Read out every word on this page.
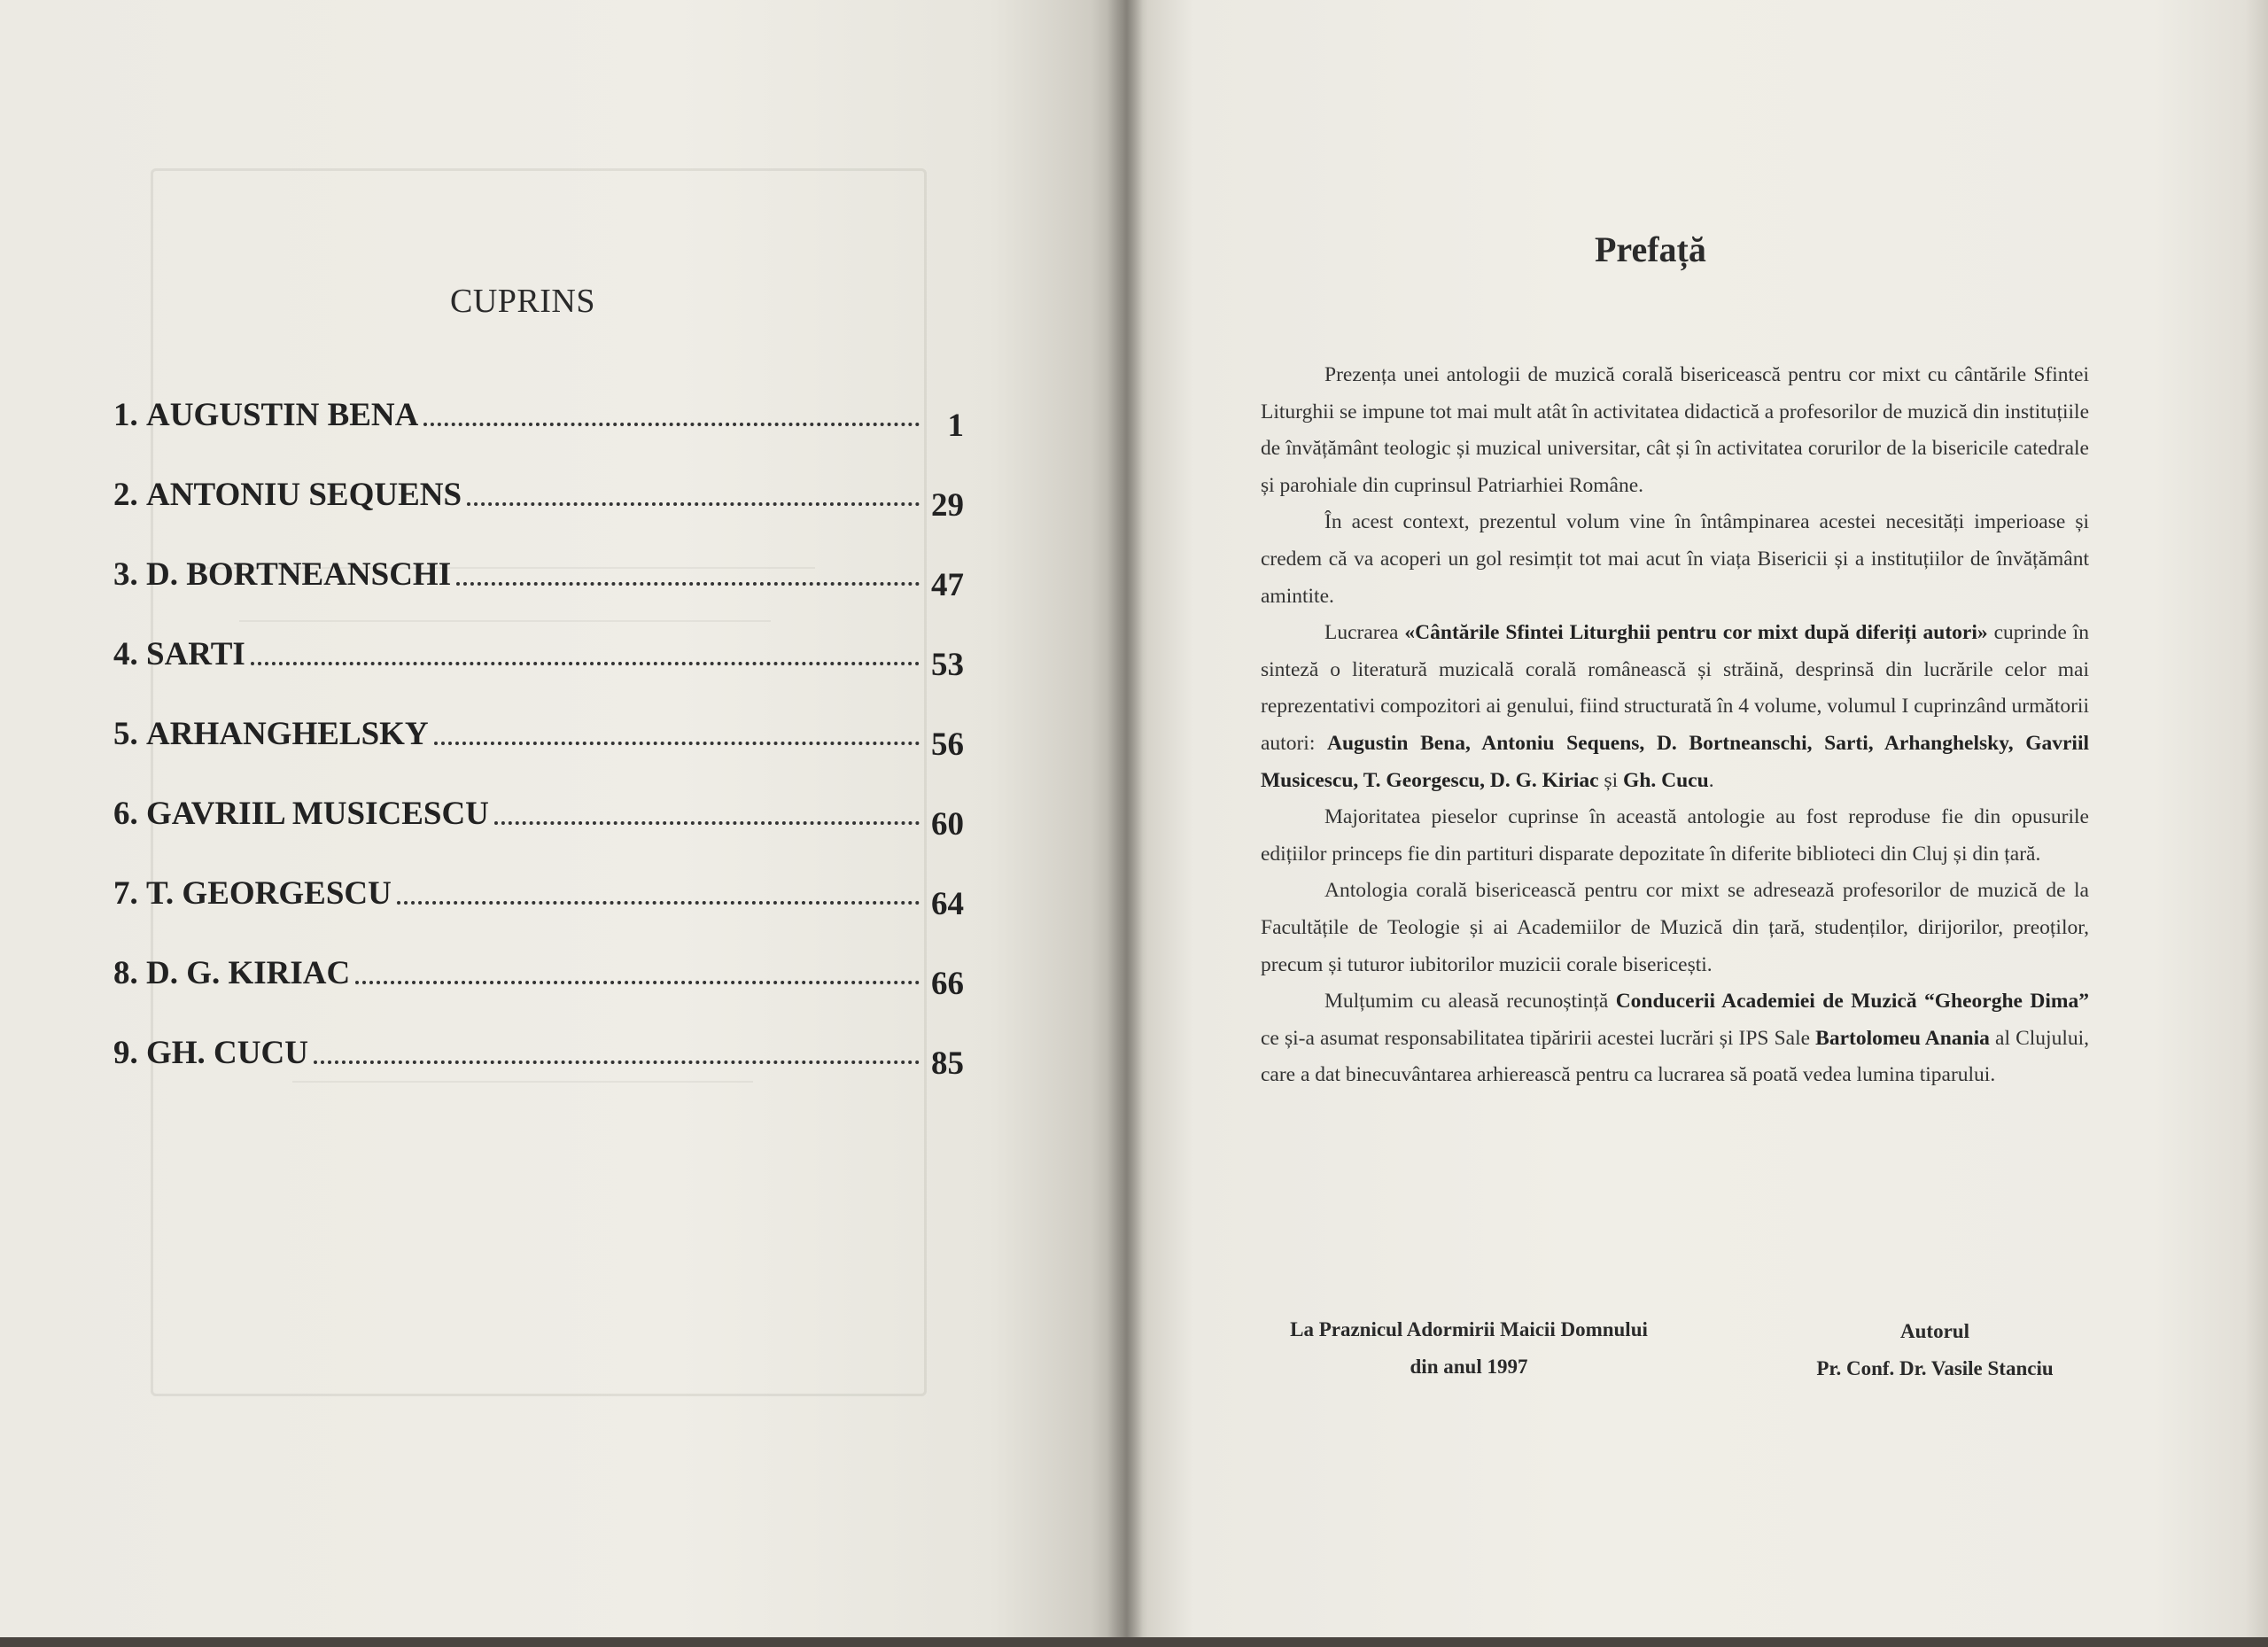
CUPRINS
1. AUGUSTIN BENA	1
2. ANTONIU SEQUENS	29
3. D. BORTNEANSCHI	47
4. SARTI	53
5. ARHANGHELSKY	56
6. GAVRIIL MUSICESCU	60
7. T. GEORGESCU	64
8. D. G. KIRIAC	66
9. GH. CUCU	85
Prefață

Prezența unei antologii de muzică corală bisericească pentru cor mixt cu cântările Sfintei Liturghii se impune tot mai mult atât în activitatea didactică a profesorilor de muzică din instituțiile de învățământ teologic și muzical universitar, cât și în activitatea corurilor de la bisericile catedrale și parohiale din cuprinsul Patriarhiei Române.

În acest context, prezentul volum vine în întâmpinarea acestei necesități imperioase și credem că va acoperi un gol resimțit tot mai acut în viața Bisericii și a instituțiilor de învățământ amintite.

Lucrarea «Cântările Sfintei Liturghii pentru cor mixt după diferiți autori» cuprinde în sinteză o literatură muzicală corală românească și străină, desprinsă din lucrările celor mai reprezentativi compozitori ai genului, fiind structurată în 4 volume, volumul I cuprinzând următorii autori: Augustin Bena, Antoniu Sequens, D. Bortneanschi, Sarti, Arhanghelsky, Gavriil Musicescu, T. Georgescu, D. G. Kiriac și Gh. Cucu.

Majoritatea pieselor cuprinse în această antologie au fost reproduse fie din opusurile edițiilor princeps fie din partituri disparate depozitate în diferite biblioteci din Cluj și din țară.

Antologia corală bisericească pentru cor mixt se adresează profesorilor de muzică de la Facultățile de Teologie și ai Academiilor de Muzică din țară, studenților, dirijorilor, preoților, precum și tuturor iubitorilor muzicii corale bisericești.

Mulțumim cu aleasă recunoștință Conducerii Academiei de Muzică “Gheorghe Dima” ce și-a asumat responsabilitatea tipăririi acestei lucrări și IPS Sale Bartolomeu Anania al Clujului, care a dat binecuvântarea arhierească pentru ca lucrarea să poată vedea lumina tiparului.

La Praznicul Adormirii Maicii Domnului
din anul 1997
Autorul
Pr. Conf. Dr. Vasile Stanciu
